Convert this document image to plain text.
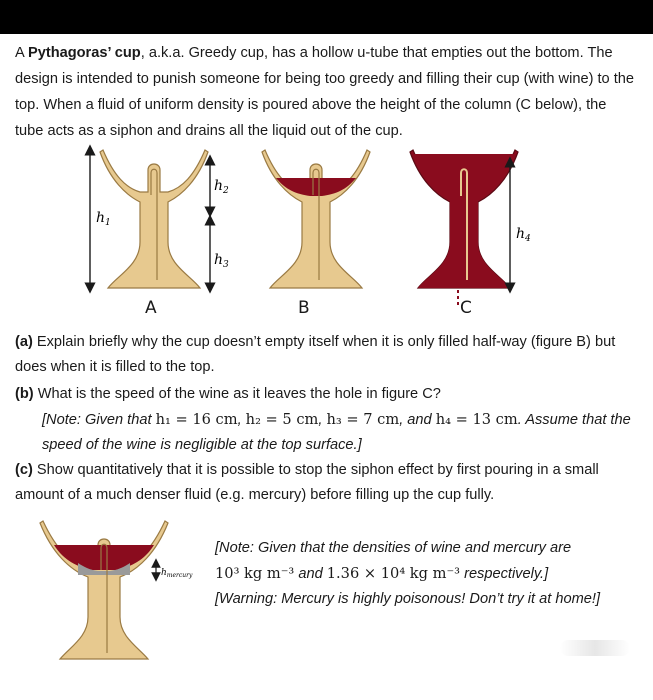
A Pythagoras’ cup, a.k.a. Greedy cup, has a hollow u-tube that empties out the bottom. The design is intended to punish someone for being too greedy and filling their cup (with wine) to the top. When a fluid of uniform density is poured above the height of the column (C below), the tube acts as a siphon and drains all the liquid out of the cup.
$h_1$
$h_2$
$h_3$
$h_4$
A	B	C
(a) Explain briefly why the cup doesn’t empty itself when it is only filled half-way (figure B) but does when it is filled to the top.
(b) What is the speed of the wine as it leaves the hole in figure C?
[Note: Given that h₁ = 16 cm, h₂ = 5 cm, h₃ = 7 cm, and h₄ = 13 cm. Assume that the speed of the wine is negligible at the top surface.]
(c) Show quantitatively that it is possible to stop the siphon effect by first pouring in a small amount of a much denser fluid (e.g. mercury) before filling up the cup fully.
$h_{mercury}$
[Note: Given that the densities of wine and mercury are
10³ kg m⁻³ and 1.36 × 10⁴ kg m⁻³ respectively.]
[Warning: Mercury is highly poisonous! Don’t try it at home!]
